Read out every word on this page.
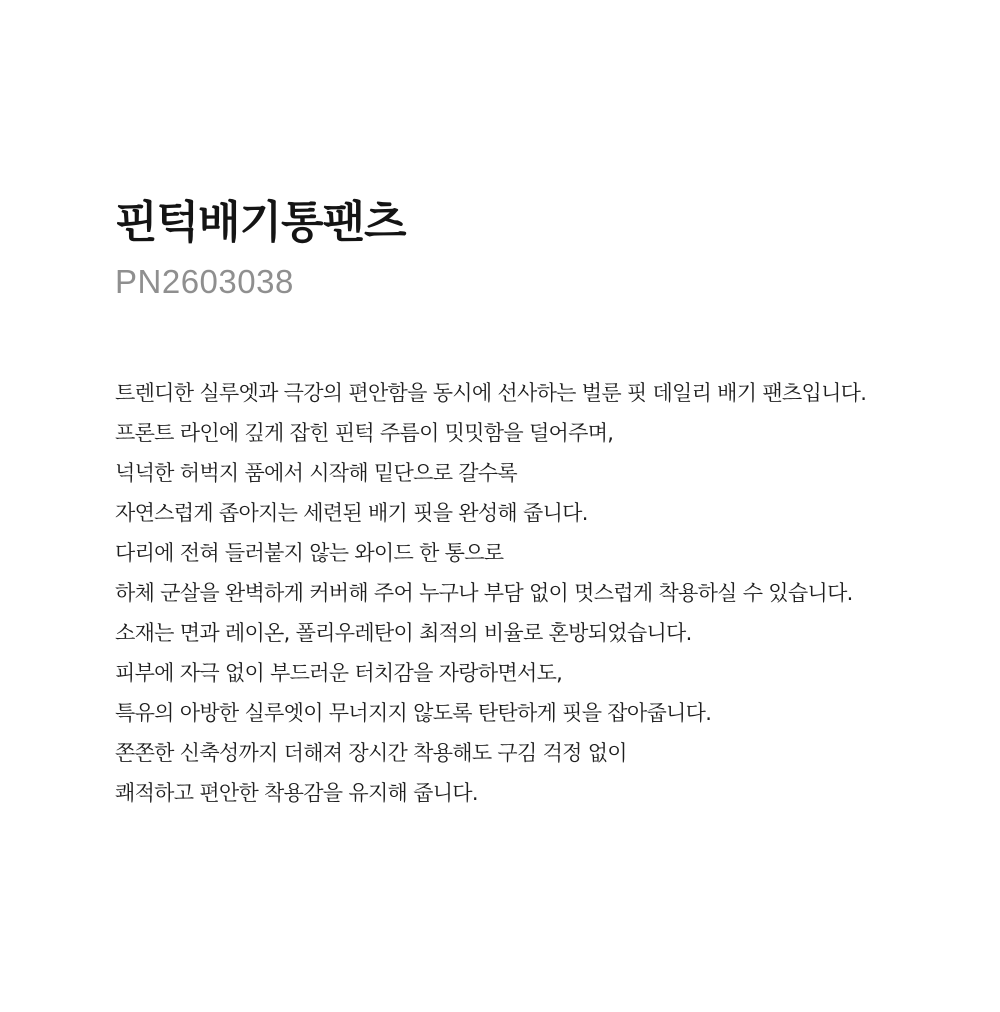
핀턱배기통팬츠

PN2603038

트렌디한 실루엣과 극강의 편안함을 동시에 선사하는 벌룬 핏 데일리 배기 팬츠입니다.

프론트 라인에 깊게 잡힌 핀턱 주름이 밋밋함을 덜어주며,

넉넉한 허벅지 품에서 시작해 밑단으로 갈수록

자연스럽게 좁아지는 세련된 배기 핏을 완성해 줍니다.

다리에 전혀 들러붙지 않는 와이드 한 통으로

하체 군살을 완벽하게 커버해 주어 누구나 부담 없이 멋스럽게 착용하실 수 있습니다.

소재는 면과 레이온, 폴리우레탄이 최적의 비율로 혼방되었습니다.

피부에 자극 없이 부드러운 터치감을 자랑하면서도,

특유의 아방한 실루엣이 무너지지 않도록 탄탄하게 핏을 잡아줍니다.

쫀쫀한 신축성까지 더해져 장시간 착용해도 구김 걱정 없이

쾌적하고 편안한 착용감을 유지해 줍니다.
